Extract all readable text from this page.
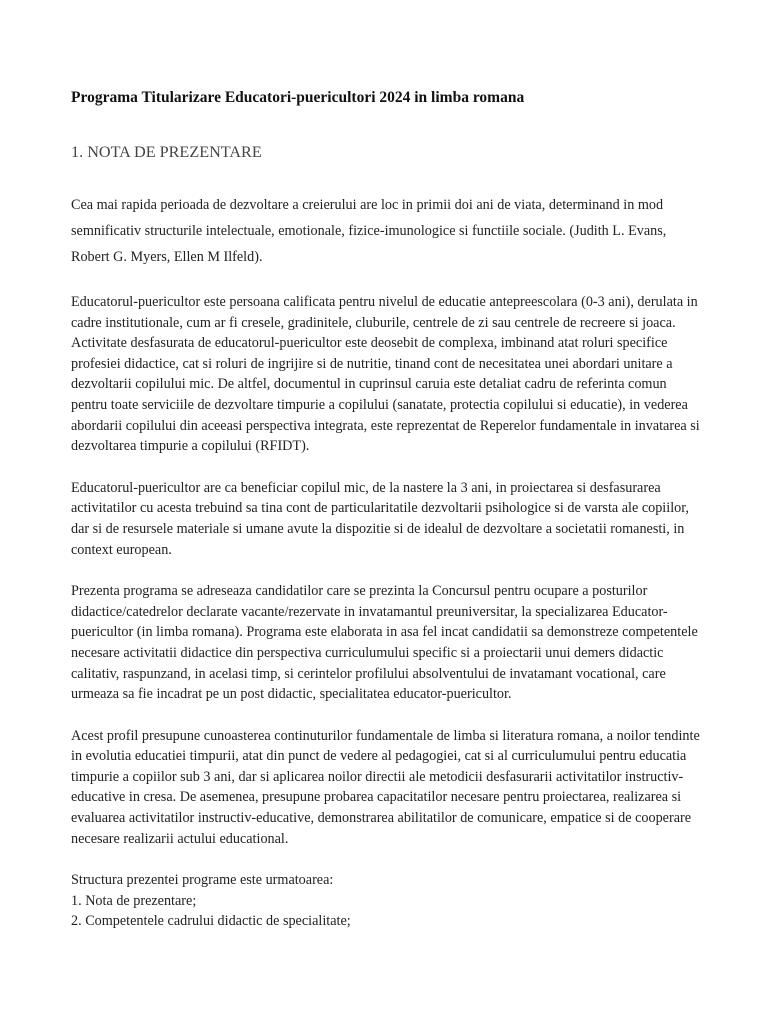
Programa Titularizare Educatori-puericultori 2024 in limba romana
1. NOTA DE PREZENTARE

Cea mai rapida perioada de dezvoltare a creierului are loc in primii doi ani de viata, determinand in mod semnificativ structurile intelectuale, emotionale, fizice-imunologice si functiile sociale. (Judith L. Evans, Robert G. Myers, Ellen M Ilfeld).

Educatorul-puericultor este persoana calificata pentru nivelul de educatie antepreescolara (0-3 ani), derulata in cadre institutionale, cum ar fi cresele, gradinitele, cluburile, centrele de zi sau centrele de recreere si joaca. Activitate desfasurata de educatorul-puericultor este deosebit de complexa, imbinand atat roluri specifice profesiei didactice, cat si roluri de ingrijire si de nutritie, tinand cont de necesitatea unei abordari unitare a dezvoltarii copilului mic. De altfel, documentul in cuprinsul caruia este detaliat cadru de referinta comun pentru toate serviciile de dezvoltare timpurie a copilului (sanatate, protectia copilului si educatie), in vederea abordarii copilului din aceeasi perspectiva integrata, este reprezentat de Reperelor fundamentale in invatarea si dezvoltarea timpurie a copilului (RFIDT).

Educatorul-puericultor are ca beneficiar copilul mic, de la nastere la 3 ani, in proiectarea si desfasurarea activitatilor cu acesta trebuind sa tina cont de particularitatile dezvoltarii psihologice si de varsta ale copiilor, dar si de resursele materiale si umane avute la dispozitie si de idealul de dezvoltare a societatii romanesti, in context european.

Prezenta programa se adreseaza candidatilor care se prezinta la Concursul pentru ocupare a posturilor didactice/catedrelor declarate vacante/rezervate in invatamantul preuniversitar, la specializarea Educator-puericultor (in limba romana). Programa este elaborata in asa fel incat candidatii sa demonstreze competentele necesare activitatii didactice din perspectiva curriculumului specific si a proiectarii unui demers didactic calitativ, raspunzand, in acelasi timp, si cerintelor profilului absolventului de invatamant vocational, care urmeaza sa fie incadrat pe un post didactic, specialitatea educator-puericultor.

Acest profil presupune cunoasterea continuturilor fundamentale de limba si literatura romana, a noilor tendinte in evolutia educatiei timpurii, atat din punct de vedere al pedagogiei, cat si al curriculumului pentru educatia timpurie a copiilor sub 3 ani, dar si aplicarea noilor directii ale metodicii desfasurarii activitatilor instructiv-educative in cresa. De asemenea, presupune probarea capacitatilor necesare pentru proiectarea, realizarea si evaluarea activitatilor instructiv-educative, demonstrarea abilitatilor de comunicare, empatice si de cooperare necesare realizarii actului educational.

Structura prezentei programe este urmatoarea:
1. Nota de prezentare;
2. Competentele cadrului didactic de specialitate;
